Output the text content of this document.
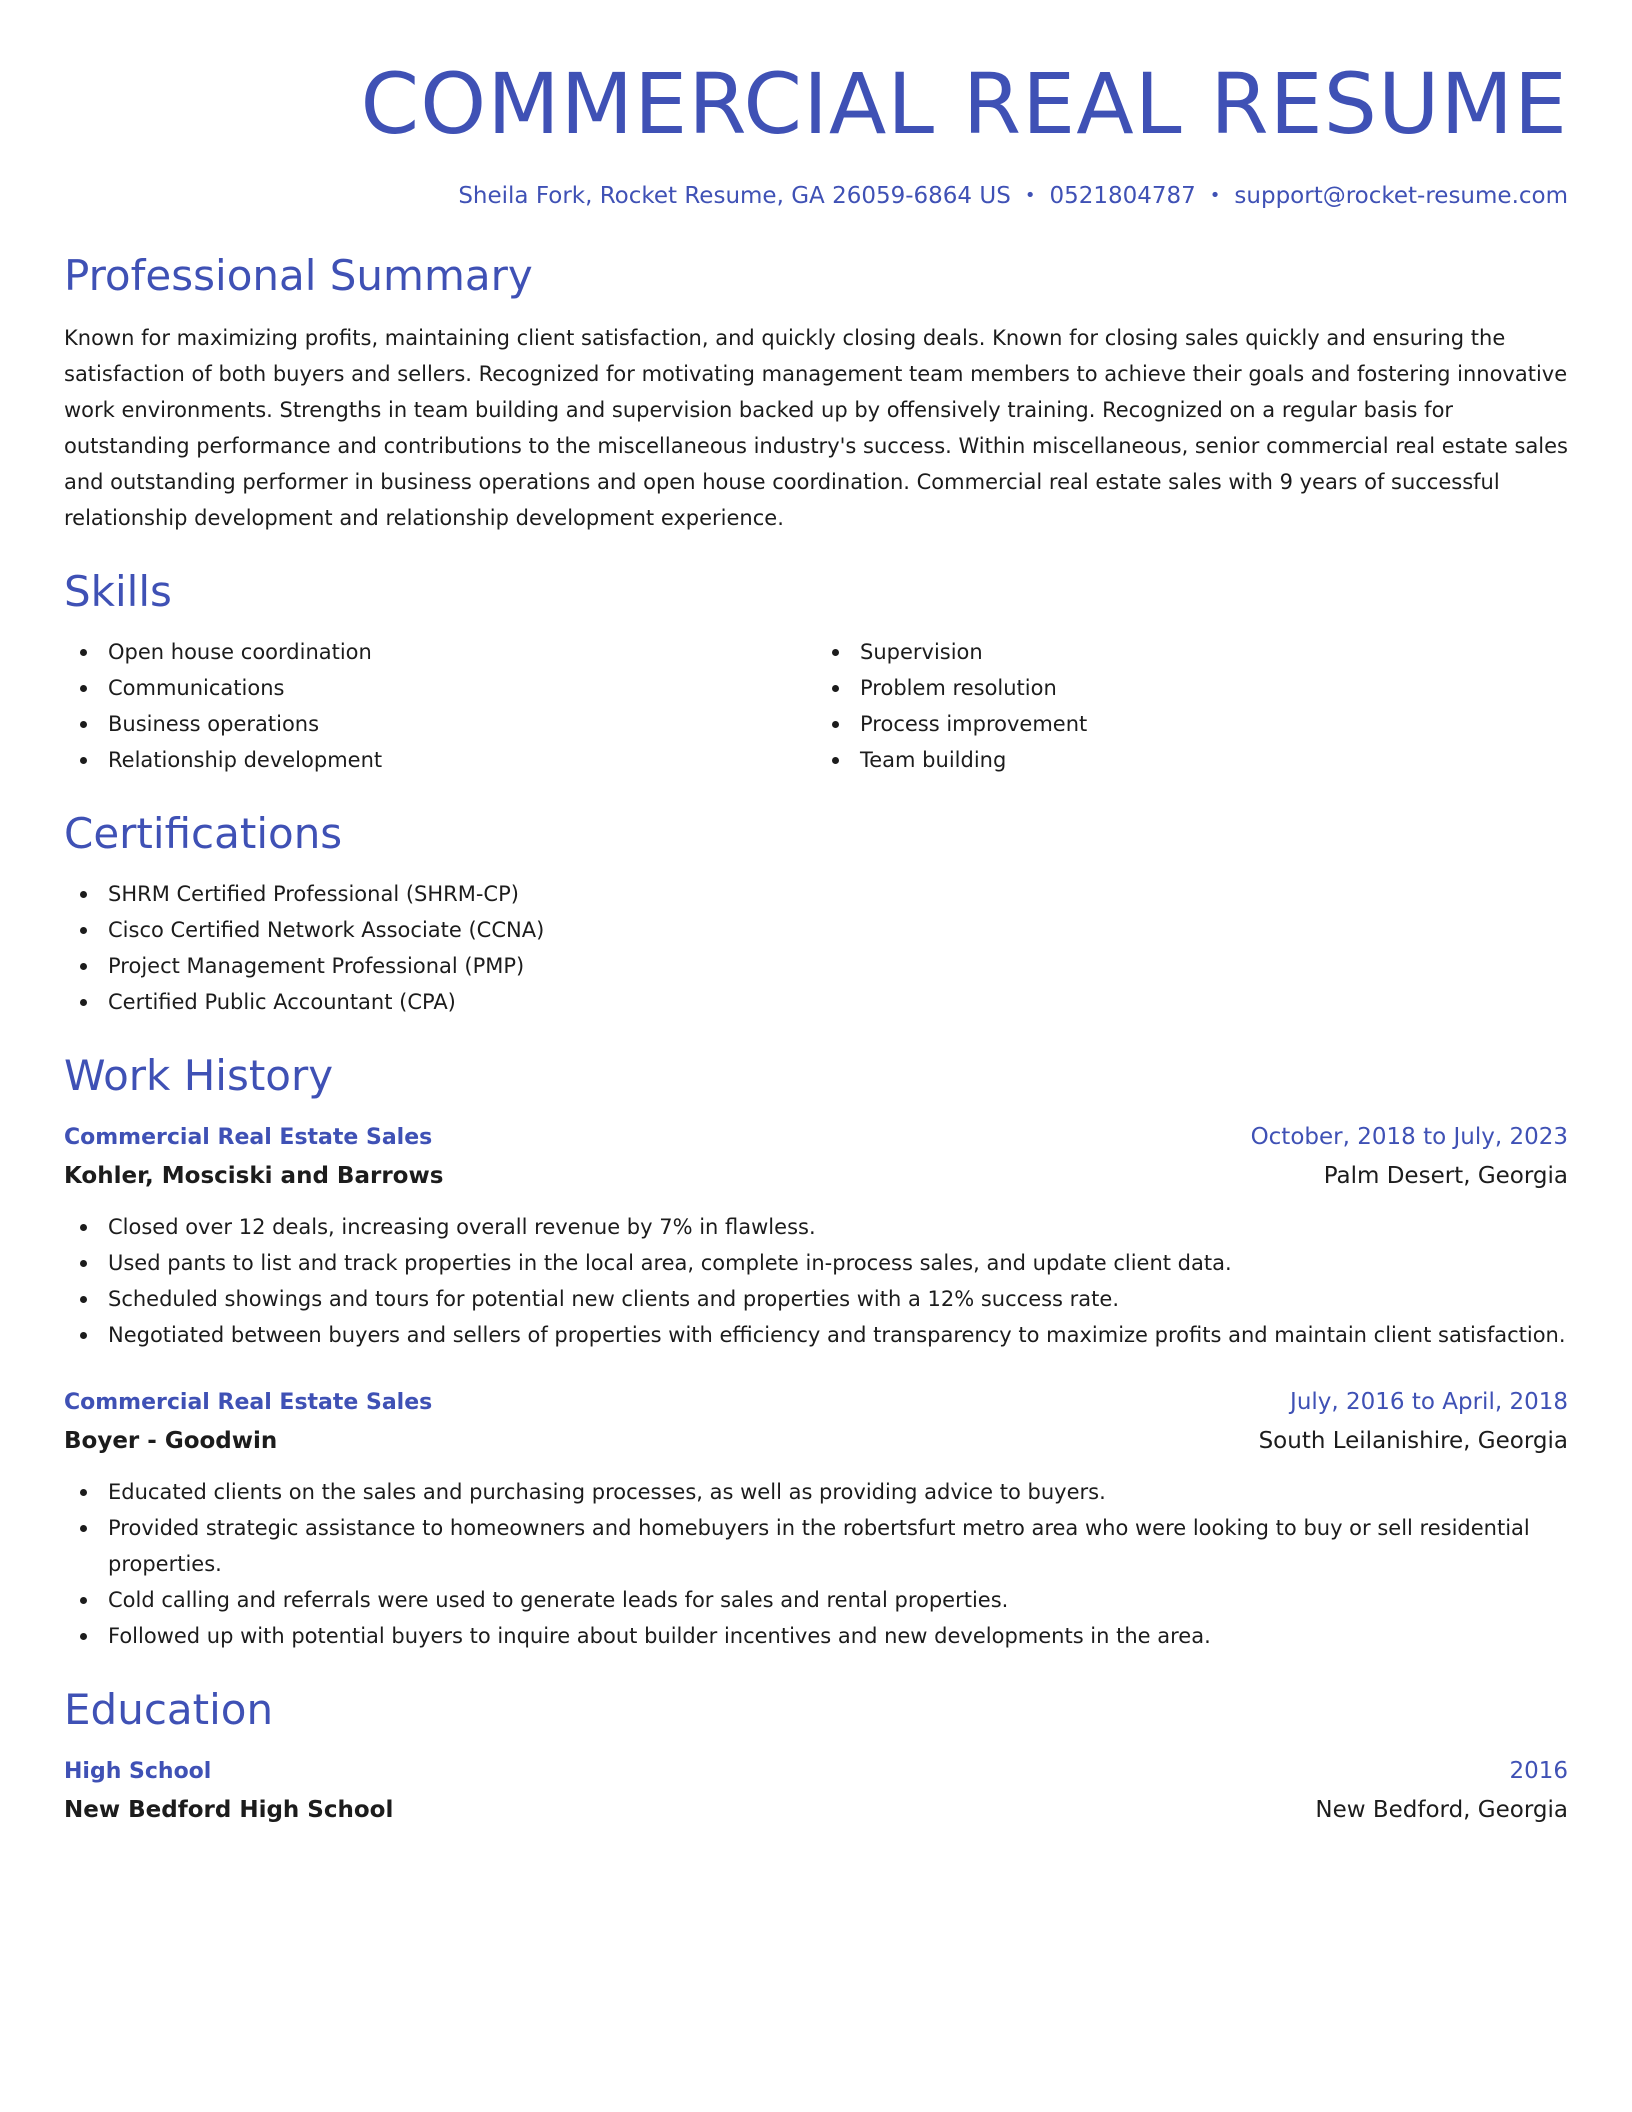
COMMERCIAL REAL RESUME
Sheila Fork, Rocket Resume, GA 26059-6864 US • 0521804787 • support@rocket-resume.com
Professional Summary

Known for maximizing profits, maintaining client satisfaction, and quickly closing deals. Known for closing sales quickly and ensuring the satisfaction of both buyers and sellers. Recognized for motivating management team members to achieve their goals and fostering innovative work environments. Strengths in team building and supervision backed up by offensively training. Recognized on a regular basis for outstanding performance and contributions to the miscellaneous industry's success. Within miscellaneous, senior commercial real estate sales and outstanding performer in business operations and open house coordination. Commercial real estate sales with 9 years of successful relationship development and relationship development experience.

Skills
Open house coordination
Communications
Business operations
Relationship development
Supervision
Problem resolution
Process improvement
Team building
Certifications
SHRM Certified Professional (SHRM-CP)
Cisco Certified Network Associate (CCNA)
Project Management Professional (PMP)
Certified Public Accountant (CPA)
Work History
Commercial Real Estate Sales	October, 2018 to July, 2023
Kohler, Mosciski and Barrows	Palm Desert, Georgia
Closed over 12 deals, increasing overall revenue by 7% in flawless.
Used pants to list and track properties in the local area, complete in-process sales, and update client data.
Scheduled showings and tours for potential new clients and properties with a 12% success rate.
Negotiated between buyers and sellers of properties with efficiency and transparency to maximize profits and maintain client satisfaction.
Commercial Real Estate Sales	July, 2016 to April, 2018
Boyer - Goodwin	South Leilanishire, Georgia
Educated clients on the sales and purchasing processes, as well as providing advice to buyers.
Provided strategic assistance to homeowners and homebuyers in the robertsfurt metro area who were looking to buy or sell residential properties.
Cold calling and referrals were used to generate leads for sales and rental properties.
Followed up with potential buyers to inquire about builder incentives and new developments in the area.
Education
High School	2016
New Bedford High School	New Bedford, Georgia
